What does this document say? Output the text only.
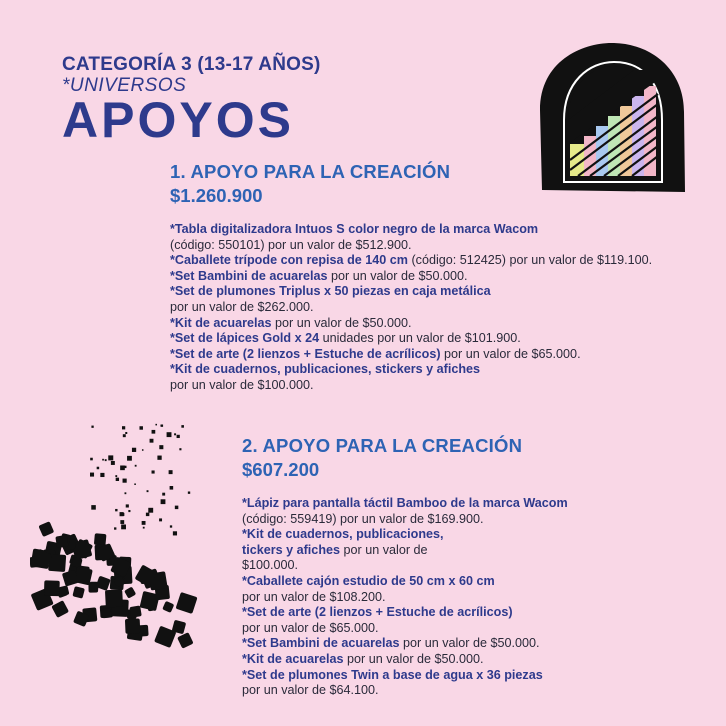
CATEGORÍA 3 (13-17 AÑOS)
*UNIVERSOS
APOYOS
1. APOYO PARA LA CREACIÓN
$1.260.900
*Tabla digitalizadora Intuos S color negro de la marca Wacom
(código: 550101) por un valor de $512.900.
*Caballete trípode con repisa de 140 cm (código: 512425) por un valor de $119.100.
*Set Bambini de acuarelas por un valor de $50.000.
*Set de plumones Triplus x 50 piezas en caja metálica
por un valor de $262.000.
*Kit de acuarelas por un valor de $50.000.
*Set de lápices Gold x 24 unidades por un valor de $101.900.
*Set de arte (2 lienzos + Estuche de acrílicos) por un valor de $65.000.
*Kit de cuadernos, publicaciones, stickers y afiches
por un valor de $100.000.
2. APOYO PARA LA CREACIÓN
$607.200
*Lápiz para pantalla táctil Bamboo de la marca Wacom
(código: 559419) por un valor de $169.900.
*Kit de cuadernos, publicaciones, tickers y afiches por un valor de $100.000.
*Caballete cajón estudio de 50 cm x 60 cm
por un valor de $108.200.
*Set de arte (2 lienzos + Estuche de acrílicos)
por un valor de $65.000.
*Set Bambini de acuarelas por un valor de $50.000.
*Kit de acuarelas por un valor de $50.000.
*Set de plumones Twin a base de agua x 36 piezas
por un valor de $64.100.
